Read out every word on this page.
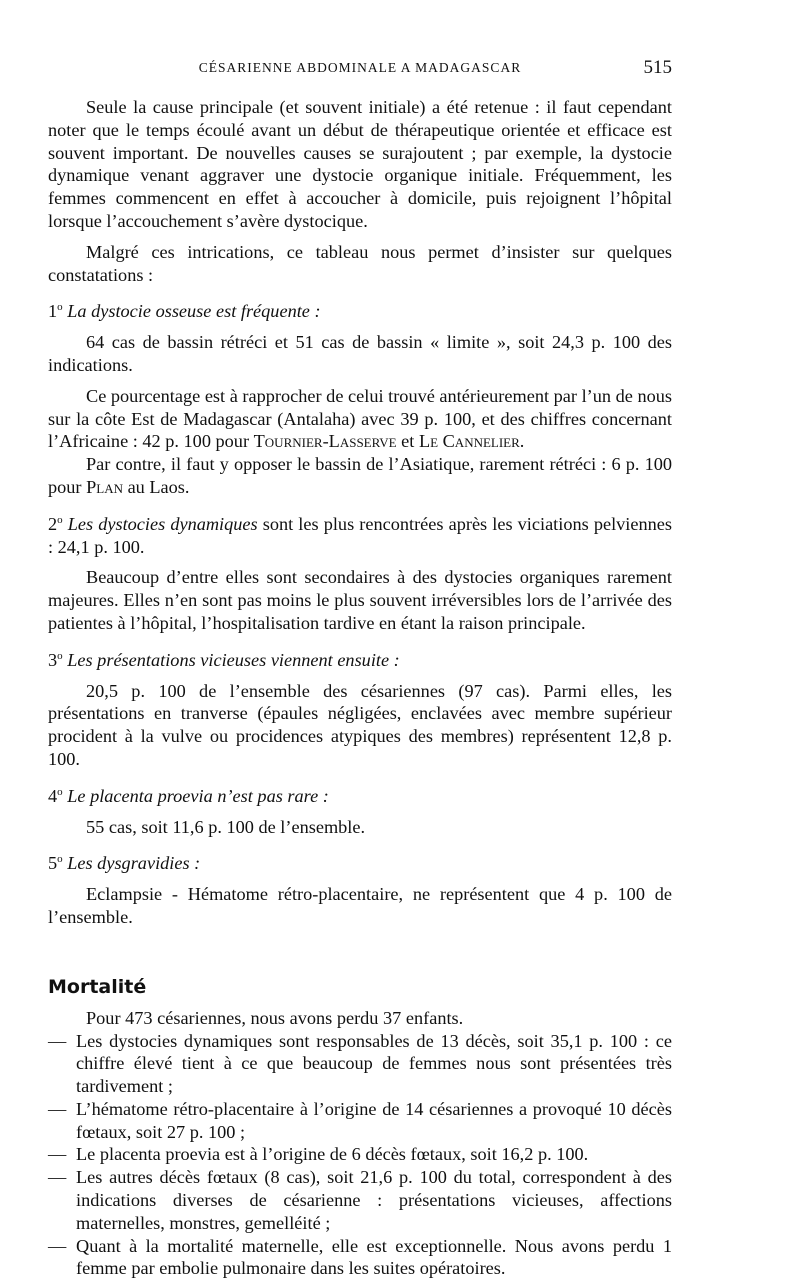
CÉSARIENNE ABDOMINALE A MADAGASCAR	515

Seule la cause principale (et souvent initiale) a été retenue : il faut cependant noter que le temps écoulé avant un début de thérapeutique orientée et efficace est souvent important. De nouvelles causes se surajoutent ; par exemple, la dystocie dynamique venant aggraver une dystocie organique initiale. Fréquemment, les femmes commencent en effet à accoucher à domicile, puis rejoignent l’hôpital lorsque l’accouchement s’avère dystocique.

Malgré ces intrications, ce tableau nous permet d’insister sur quelques constatations :

1$^o$ La dystocie osseuse est fréquente :

64 cas de bassin rétréci et 51 cas de bassin « limite », soit 24,3 p. 100 des indications.

Ce pourcentage est à rapprocher de celui trouvé antérieurement par l’un de nous sur la côte Est de Madagascar (Antalaha) avec 39 p. 100, et des chiffres concernant l’Africaine : 42 p. 100 pour Tournier-Lasserve et Le Cannelier.

Par contre, il faut y opposer le bassin de l’Asiatique, rarement rétréci : 6 p. 100 pour Plan au Laos.

2$^o$ Les dystocies dynamiques sont les plus rencontrées après les viciations pelviennes : 24,1 p. 100.

Beaucoup d’entre elles sont secondaires à des dystocies organiques rarement majeures. Elles n’en sont pas moins le plus souvent irréversibles lors de l’arrivée des patientes à l’hôpital, l’hospitalisation tardive en étant la raison principale.

3$^o$ Les présentations vicieuses viennent ensuite :

20,5 p. 100 de l’ensemble des césariennes (97 cas). Parmi elles, les présentations en tranverse (épaules négligées, enclavées avec membre supérieur procident à la vulve ou procidences atypiques des membres) représentent 12,8 p. 100.

4$^o$ Le placenta proevia n’est pas rare :

55 cas, soit 11,6 p. 100 de l’ensemble.

5$^o$ Les dysgravidies :

Eclampsie - Hématome rétro-placentaire, ne représentent que 4 p. 100 de l’ensemble.

Mortalité

Pour 473 césariennes, nous avons perdu 37 enfants.

— Les dystocies dynamiques sont responsables de 13 décès, soit 35,1 p. 100 : ce chiffre élevé tient à ce que beaucoup de femmes nous sont présentées très tardivement ;
— L’hématome rétro-placentaire à l’origine de 14 césariennes a provoqué 10 décès fœtaux, soit 27 p. 100 ;
— Le placenta proevia est à l’origine de 6 décès fœtaux, soit 16,2 p. 100.
— Les autres décès fœtaux (8 cas), soit 21,6 p. 100 du total, correspondent à des indications diverses de césarienne : présentations vicieuses, affections maternelles, monstres, gemelléité ;
— Quant à la mortalité maternelle, elle est exceptionnelle. Nous avons perdu 1 femme par embolie pulmonaire dans les suites opératoires.
